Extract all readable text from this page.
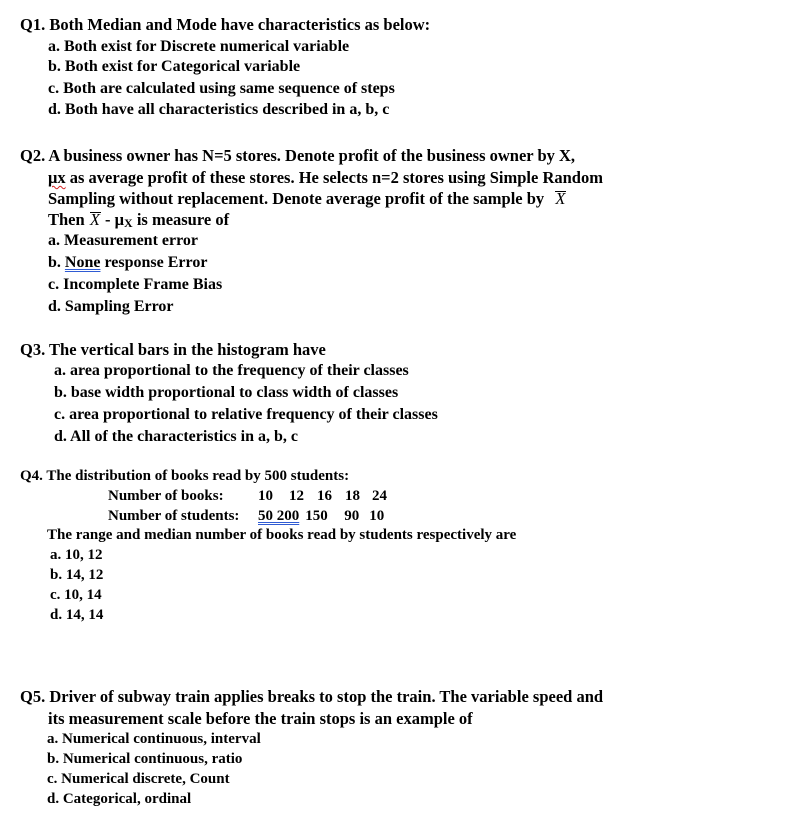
Q1. Both Median and Mode have characteristics as below:
a. Both exist for Discrete numerical variable
b. Both exist for Categorical variable
c. Both are calculated using same sequence of steps
d. Both have all characteristics described in a, b, c
Q2. A business owner has N=5 stores. Denote profit of the business owner by X,
μx as average profit of these stores. He selects n=2 stores using Simple Random
Sampling without replacement. Denote average profit of the sample by X
Then X - μX is measure of
a. Measurement error
b. None response Error
c. Incomplete Frame Bias
d. Sampling Error
Q3. The vertical bars in the histogram have
a. area proportional to the frequency of their classes
b. base width proportional to class width of classes
c. area proportional to relative frequency of their classes
d. All of the characteristics in a, b, c
Q4. The distribution of books read by 500 students:
Number of books: 10 12 16 18 24
Number of students: 50 200 150 90 10
The range and median number of books read by students respectively are
a. 10, 12
b. 14, 12
c. 10, 14
d. 14, 14
Q5. Driver of subway train applies breaks to stop the train. The variable speed and
its measurement scale before the train stops is an example of
a. Numerical continuous, interval
b. Numerical continuous, ratio
c. Numerical discrete, Count
d. Categorical, ordinal
